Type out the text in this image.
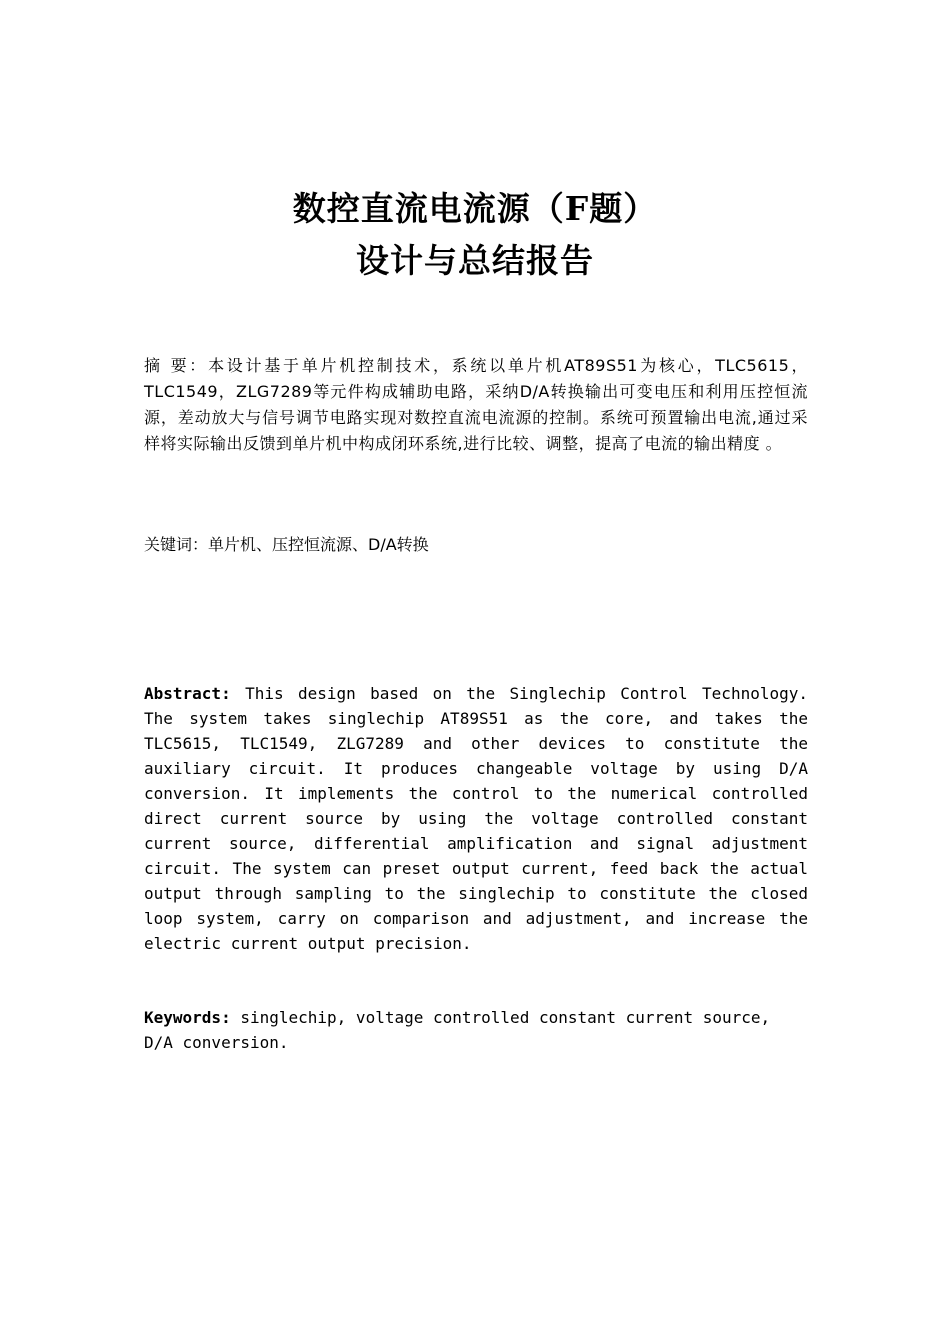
数控直流电流源（F题）
设计与总结报告

摘 要：本设计基于单片机控制技术，系统以单片机AT89S51为核心，TLC5615，TLC1549，ZLG7289等元件构成辅助电路，采纳D/A转换输出可变电压和利用压控恒流源，差动放大与信号调节电路实现对数控直流电流源的控制。系统可预置输出电流,通过采样将实际输出反馈到单片机中构成闭环系统,进行比较、调整，提高了电流的输出精度 。

关键词：单片机、压控恒流源、D/A转换

Abstract: This design based on the Singlechip Control Technology. The system takes singlechip AT89S51 as the core, and takes the TLC5615, TLC1549, ZLG7289 and other devices to constitute the auxiliary circuit. It produces changeable voltage by using D/A conversion. It implements the control to the numerical controlled direct current source by using the voltage controlled constant current source, differential amplification and signal adjustment circuit. The system can preset output current, feed back the actual output through sampling to the singlechip to constitute the closed loop system, carry on comparison and adjustment, and increase the electric current output precision.

Keywords: singlechip, voltage controlled constant current source, D/A conversion.
